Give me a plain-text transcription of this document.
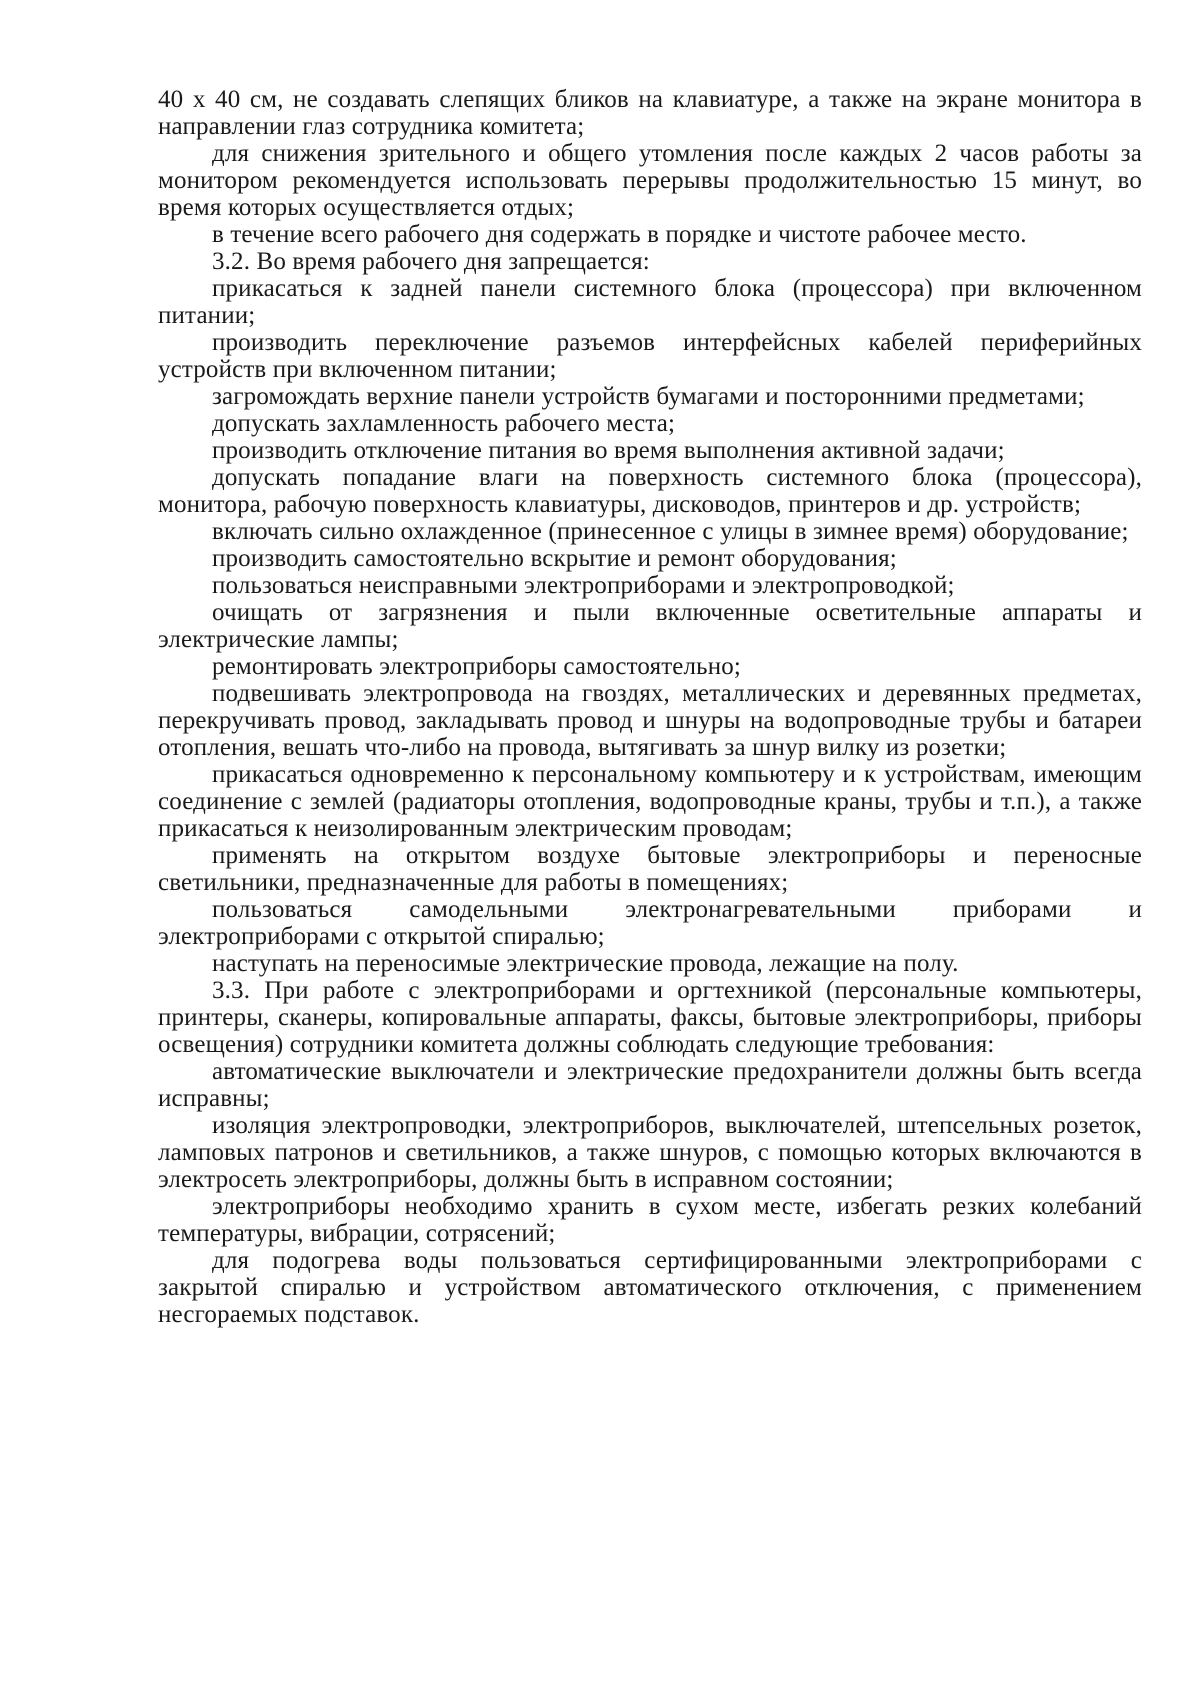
40 х 40 см, не создавать слепящих бликов на клавиатуре, а также на экране монитора в направлении глаз сотрудника комитета;

для снижения зрительного и общего утомления после каждых 2 часов работы за монитором рекомендуется использовать перерывы продолжительностью 15 минут, во время которых осуществляется отдых;

в течение всего рабочего дня содержать в порядке и чистоте рабочее место.

3.2. Во время рабочего дня запрещается:

прикасаться к задней панели системного блока (процессора) при включенном питании;

производить переключение разъемов интерфейсных кабелей периферийных устройств при включенном питании;

загромождать верхние панели устройств бумагами и посторонними предметами;

допускать захламленность рабочего места;

производить отключение питания во время выполнения активной задачи;

допускать попадание влаги на поверхность системного блока (процессора), монитора, рабочую поверхность клавиатуры, дисководов, принтеров и др. устройств;

включать сильно охлажденное (принесенное с улицы в зимнее время) оборудование;

производить самостоятельно вскрытие и ремонт оборудования;

пользоваться неисправными электроприборами и электропроводкой;

очищать от загрязнения и пыли включенные осветительные аппараты и электрические лампы;

ремонтировать электроприборы самостоятельно;

подвешивать электропровода на гвоздях, металлических и деревянных предметах, перекручивать провод, закладывать провод и шнуры на водопроводные трубы и батареи отопления, вешать что-либо на провода, вытягивать за шнур вилку из розетки;

прикасаться одновременно к персональному компьютеру и к устройствам, имеющим соединение с землей (радиаторы отопления, водопроводные краны, трубы и т.п.), а также прикасаться к неизолированным электрическим проводам;

применять на открытом воздухе бытовые электроприборы и переносные светильники, предназначенные для работы в помещениях;

пользоваться самодельными электронагревательными приборами и электроприборами с открытой спиралью;

наступать на переносимые электрические провода, лежащие на полу.

3.3. При работе с электроприборами и оргтехникой (персональные компьютеры, принтеры, сканеры, копировальные аппараты, факсы, бытовые электроприборы, приборы освещения) сотрудники комитета должны соблюдать следующие требования:

автоматические выключатели и электрические предохранители должны быть всегда исправны;

изоляция электропроводки, электроприборов, выключателей, штепсельных розеток, ламповых патронов и светильников, а также шнуров, с помощью которых включаются в электросеть электроприборы, должны быть в исправном состоянии;

электроприборы необходимо хранить в сухом месте, избегать резких колебаний температуры, вибрации, сотрясений;

для подогрева воды пользоваться сертифицированными электроприборами с закрытой спиралью и устройством автоматического отключения, с применением несгораемых подставок.
